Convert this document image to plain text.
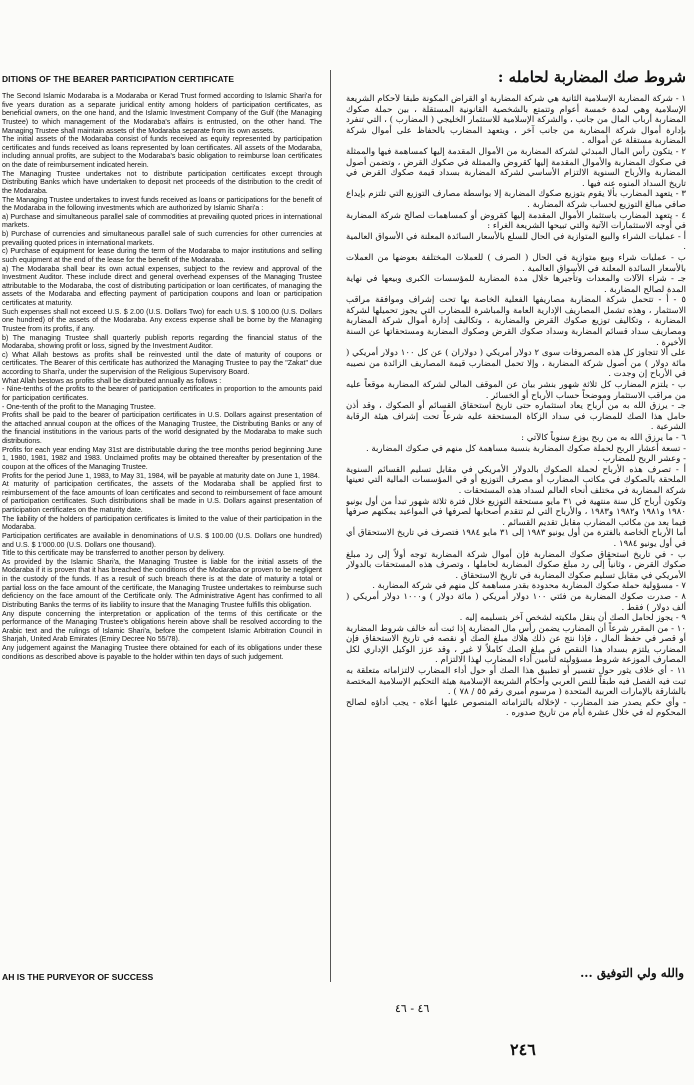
DITIONS OF THE BEARER PARTICIPATION CERTIFICATE	شروط صك المضاربة لحامله :

The Second Islamic Modaraba is a Modaraba or Kerad Trust formed according to Islamic Shari'a for five years duration as a separate juridical entity among holders of participation certificates, as beneficial owners, on the one hand, and the Islamic Investment Company of the Gulf (the Managing Trustee) to which management of the Modaraba's affairs is entrusted, on the other hand. The Managing Trustee shall maintain assets of the Modaraba separate from its own assets.

The initial assets of the Modaraba consist of funds received as equity represented by participation certificates and funds received as loans represented by loan certificates. All assets of the Modaraba, including annual profits, are subject to the Modaraba's basic obligation to reimburse loan certificates on the date of reimbursement indicated herein.

The Managing Trustee undertakes not to distribute participation certificates except through Distributing Banks which have undertaken to deposit net proceeds of the distribution to the credit of the Modaraba.

The Managing Trustee undertakes to invest funds received as loans or participations for the benefit of the Modaraba in the following investments which are authorized by Islamic Shari'a :

a) Purchase and simultaneous parallel sale of commodities at prevailing quoted prices in international markets.

b) Purchase of currencies and simultaneous parallel sale of such currencies for other currencies at prevailing quoted prices in international markets.

c) Purchase of equipment for lease during the term of the Modaraba to major institutions and selling such equipment at the end of the lease for the benefit of the Modaraba.

a) The Modaraba shall bear its own actual expenses, subject to the review and approval of the Investment Auditor. These include direct and general overhead expenses of the Managing Trustee attributable to the Modaraba, the cost of distributing participation or loan certificates, of managing the assets of the Modaraba and effecting payment of participation coupons and loan or participation certificates at maturity.

Such expenses shall not exceed U.S. $ 2.00 (U.S. Dollars Two) for each U.S. $ 100.00 (U.S. Dollars one hundred) of the assets of the Modaraba. Any excess expense shall be borne by the Managing Trustee from its profits, if any.

b) The managing Trustee shall quarterly publish reports regarding the financial status of the Modaraba, showing profit or loss, signed by the Investment Auditor.

c) What Allah bestows as profits shall be reinvested until the date of maturity of coupons or certificates. The Bearer of this certificate has authorized the Managing Trustee to pay the "Zakat" due according to Shari'a, under the supervision of the Religious Supervisory Board.

What Allah bestows as profits shall be distributed annually as follows :

- Nine-tenths of the profits to the bearer of participation certificates in proportion to the amounts paid for participation certificates.

- One-tenth of the profit to the Managing Trustee.

Profits shall be paid to the bearer of participation certificates in U.S. Dollars against presentation of the attached annual coupon at the offices of the Managing Trustee, the Distributing Banks or any of the financial institutions in the various parts of the world designated by the Modaraba to make such distributions.

Profits for each year ending May 31st are distributable during the tree months period beginning June 1, 1980, 1981, 1982 and 1983. Unclaimed profits may be obtained thereafter by presentation of the coupon at the offices of the Managing Trustee.

Profits for the period June 1, 1983, to May 31, 1984, will be payable at maturity date on June 1, 1984.

At maturity of participation certificates, the assets of the Modaraba shall be applied first to reimbursement of the face amounts of loan certificates and second to reimbursement of face amount of participation certificates. Such distributions shall be made in U.S. Dollars against presentation of participation certificates on the maturity date.

The liability of the holders of participation certificates is limited to the value of their participation in the Modaraba.

Participation certificates are available in denominations of U.S. $ 100.00 (U.S. Dollars one hundred) and U.S. $ 1'000.00 (U.S. Dollars one thousand).

Title to this certificate may be transferred to another person by delivery.

As provided by the Islamic Shari'a, the Managing Trustee is liable for the initial assets of the Modaraba if it is proven that it has breached the conditions of the Modaraba or proven to be negligent in the custody of the funds. If as a result of such breach there is at the date of maturity a total or partial loss on the face amount of the certificate, the Managing Trustee undertakes to reimburse such deficiency on the face amount of the Certificate only. The Administrative Agent has confirmed to all Distributing Banks the terms of its liability to insure that the Managing Trustee fulfills this obligation.

Any dispute concerning the interpretation or application of the terms of this certificate or the performance of the Managing Trustee's obligations herein above shall be resolved according to the Arabic text and the rulings of Islamic Shari'a, before the competent Islamic Arbitration Council in Sharjah, United Arab Emirates (Emiry Decree No 55/78).

Any judgement against the Managing Trustee there obtained for each of its obligations under these conditions as described above is payable to the holder within ten days of such judgement.

١ - شركة المضاربة الإسلامية الثانية هي شركة المضاربة أو القراض المكونة طبقاً لأحكام الشريعة الإسلامية وهي لمدة خمسة أعوام وتتمتع بالشخصية القانونية المستقلة ، بين حملة صكوك المضاربة أرباب المال من جانب ، والشركة الإسلامية للاستثمار الخليجي ( المضارب ) ، التي تنفرد بإدارة أموال شركة المضاربة من جانب آخر ، ويتعهد المضارب بالحفاظ على أموال شركة المضاربة مستقلة عن أمواله .

٢ - يتكون رأس المال المبدئي لشركة المضاربة من الأموال المقدمة إليها كمساهمة فيها والممثلة في صكوك المضاربة والأموال المقدمة إليها كقروض والممثلة في صكوك القرض ، وتضمن أصول المضاربة والأرباح السنوية الالتزام الأساسي لشركة المضاربة بسداد قيمة صكوك القرض في تاريخ السداد المنوه عنه فيها .

٣ - يتعهد المضارب بألا يقوم بتوزيع صكوك المضاربة إلا بواسطة مصارف التوزيع التي تلتزم بإيداع صافي مبالغ التوزيع لحساب شركة المضاربة .

٤ - يتعهد المضارب باستثمار الأموال المقدمة إليها كقروض أو كمساهمات لصالح شركة المضاربة في أوجه الاستثمارات الآتية والتي تبيحها الشريعة الغراء :

أ - عمليات الشراء والبيع المتوازية في الحال للسلع بالأسعار السائدة المعلنة في الأسواق العالمية .

ب - عمليات شراء وبيع متوازية في الحال ( الصرف ) للعملات المختلفة بعوضها من العملات بالأسعار السائدة المعلنة في الأسواق العالمية .

جـ - شراء الآلات والمعدات وتأجيرها خلال مدة المضاربة للمؤسسات الكبرى وبيعها في نهاية المدة لصالح المضاربة .

٥ - أ - تتحمل شركة المضاربة مصاريفها الفعلية الخاصة بها تحت إشراف وموافقة مراقب الاستثمار ، وهذه تشمل المصاريف الإدارية العامة والمباشرة للمضارب التي يجوز تحميلها لشركة المضاربة ، وتكاليف توزيع صكوك القرض والمضاربة ، وتكاليف إدارة أموال شركة المضاربة ومصاريف سداد قسائم المضاربة وسداد صكوك القرض وصكوك المضاربة ومستحقاتها عن السنة الأخيرة .

على ألا تتجاوز كل هذه المصروفات سوى ٢ دولار أمريكي ( دولاران ) عن كل ١٠٠ دولار أمريكي ( مائة دولار ) من أصول شركة المضاربة ، وإلا تحمل المضارب قيمة المصاريف الزائدة من نصيبه في الأرباح إن وجدت .

ب - يلتزم المضارب كل ثلاثة شهور بنشر بيان عن الموقف المالي لشركة المضاربة موقعاً عليه من مراقب الاستثمار وموضحاً حساب الأرباح أو الخسائر .

جـ - يرزق الله به من أرباح يعاد استثماره حتى تاريخ استحقاق القسائم أو الصكوك ، وقد أذن حامل هذا الصك للمضارب في سداد الزكاة المستحقة عليه شرعاً تحت إشراف هيئة الرقابة الشرعية .

٦ - ما يرزق الله به من ربح يوزع سنوياً كالآتي :

- تسعة أعشار الربح لحملة صكوك المضاربة بنسبة مساهمة كل منهم في صكوك المضاربة .

- وعشر الربح للمضارب .

أ - تصرف هذه الأرباح لحملة الصكوك بالدولار الأمريكي في مقابل تسليم القسائم السنوية الملحقة بالصكوك في مكاتب المضارب أو مصرف التوزيع أو في المؤسسات المالية التي تعينها شركة المضاربة في مختلف أنحاء العالم لسداد هذه المستحقات .

وتكون أرباح كل سنة منتهية في ٣١ مايو مستحقة التوزيع خلال فترة ثلاثة شهور تبدأ من أول يونيو ١٩٨٠ و١٩٨١ و١٩٨٢ و١٩٨٣ ، والأرباح التي لم تتقدم أصحابها لصرفها في المواعيد يمكنهم صرفها فيما بعد من مكاتب المضارب مقابل تقديم القسائم .

أما الأرباح الخاصة بالفترة من أول يونيو ١٩٨٣ إلى ٣١ مايو ١٩٨٤ فتصرف في تاريخ الاستحقاق أي في أول يونيو ١٩٨٤ .

ب - في تاريخ استحقاق صكوك المضاربة فإن أموال شركة المضاربة توجه أولاً إلى رد مبلغ صكوك القرض ، وثانياً إلى رد مبلغ صكوك المضاربة لحاملها ، وتصرف هذه المستحقات بالدولار الأمريكي في مقابل تسليم صكوك المضاربة في تاريخ الاستحقاق .

٧ - مسؤولية حملة صكوك المضاربة محدودة بقدر مساهمة كل منهم في شركة المضاربة .

٨ - صدرت صكوك المضاربة من فئتي ١٠٠ دولار أمريكي ( مائة دولار ) و١٠٠٠ دولار أمريكي ( ألف دولار ) فقط .

٩ - يجوز لحامل الصك أن ينقل ملكيته لشخص آخر بتسليمه إليه .

١٠ - من المقرر شرعاً أن المضارب يضمن رأس مال المضاربة إذا ثبت أنه خالف شروط المضاربة أو قصر في حفظ المال ، فإذا نتج عن ذلك هلاك مبلغ الصك أو نقصه في تاريخ الاستحقاق فإن المضارب يلتزم بسداد هذا النقص في مبلغ الصك كاملاً لا غير ، وقد عزز الوكيل الإداري لكل المصارف الموزعة شروط مسؤوليته لتأمين أداء المضارب لهذا الالتزام .

١١ - أي خلاف يثور حول تفسير أو تطبيق هذا الصك أو حول أداء المضارب لالتزاماته متعلقة به تبت فيه الفصل فيه طبقاً للنص العربي وأحكام الشريعة الإسلامية هيئة التحكيم الإسلامية المختصة بالشارقة بالإمارات العربية المتحدة ( مرسوم أميري رقم ٥٥ / ٧٨ ) .

- وأي حكم يصدر ضد المضارب - لإخلاله بالتزاماته المنصوص عليها أعلاه - يجب أداؤه لصالح المحكوم له في خلال عشرة أيام من تاريخ صدوره .

AH IS THE PURVEYOR OF SUCCESS	والله ولي التوفيق ...
٤٦ - ٤٦
٢٤٦
